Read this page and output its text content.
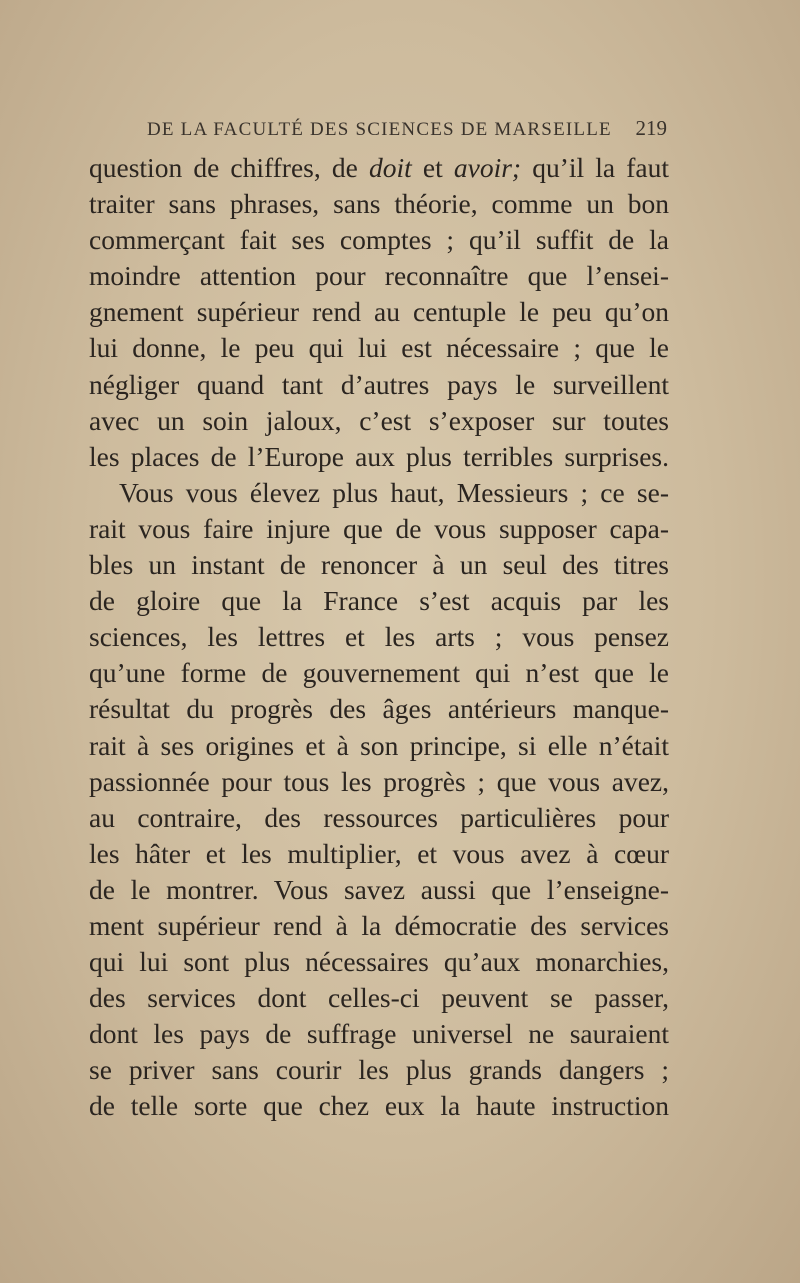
DE LA FACULTÉ DES SCIENCES DE MARSEILLE 219
question de chiffres, de doit et avoir; qu’il la faut
traiter sans phrases, sans théorie, comme un bon
commerçant fait ses comptes ; qu’il suffit de la
moindre attention pour reconnaître que l’ensei-
gnement supérieur rend au centuple le peu qu’on
lui donne, le peu qui lui est nécessaire ; que le
négliger quand tant d’autres pays le surveillent
avec un soin jaloux, c’est s’exposer sur toutes
les places de l’Europe aux plus terribles surprises.
Vous vous élevez plus haut, Messieurs ; ce se-
rait vous faire injure que de vous supposer capa-
bles un instant de renoncer à un seul des titres
de gloire que la France s’est acquis par les
sciences, les lettres et les arts ; vous pensez
qu’une forme de gouvernement qui n’est que le
résultat du progrès des âges antérieurs manque-
rait à ses origines et à son principe, si elle n’était
passionnée pour tous les progrès ; que vous avez,
au contraire, des ressources particulières pour
les hâter et les multiplier, et vous avez à cœur
de le montrer. Vous savez aussi que l’enseigne-
ment supérieur rend à la démocratie des services
qui lui sont plus nécessaires qu’aux monarchies,
des services dont celles-ci peuvent se passer,
dont les pays de suffrage universel ne sauraient
se priver sans courir les plus grands dangers ;
de telle sorte que chez eux la haute instruction
